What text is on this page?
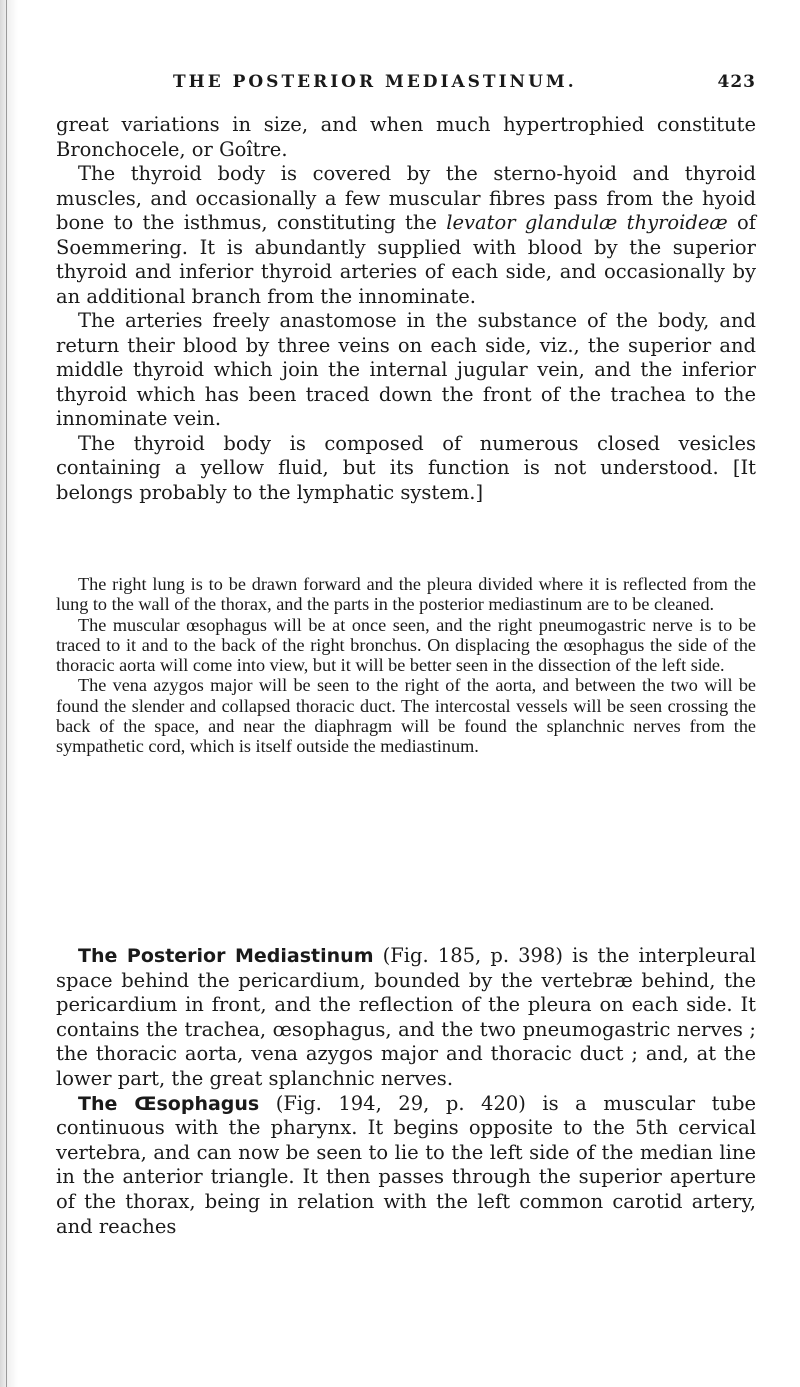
THE POSTERIOR MEDIASTINUM.	423

great variations in size, and when much hypertrophied constitute Bronchocele, or Goître.

The thyroid body is covered by the sterno-hyoid and thyroid muscles, and occasionally a few muscular fibres pass from the hyoid bone to the isthmus, constituting the levator glandulæ thyroideæ of Soemmering. It is abundantly supplied with blood by the superior thyroid and inferior thyroid arteries of each side, and occasionally by an additional branch from the innominate.

The arteries freely anastomose in the substance of the body, and return their blood by three veins on each side, viz., the superior and middle thyroid which join the internal jugular vein, and the inferior thyroid which has been traced down the front of the trachea to the innominate vein.

The thyroid body is composed of numerous closed vesicles containing a yellow fluid, but its function is not understood. [It belongs probably to the lymphatic system.]

The right lung is to be drawn forward and the pleura divided where it is reflected from the lung to the wall of the thorax, and the parts in the posterior mediastinum are to be cleaned.

The muscular œsophagus will be at once seen, and the right pneumogastric nerve is to be traced to it and to the back of the right bronchus. On displacing the œsophagus the side of the thoracic aorta will come into view, but it will be better seen in the dissection of the left side.

The vena azygos major will be seen to the right of the aorta, and between the two will be found the slender and collapsed thoracic duct. The intercostal vessels will be seen crossing the back of the space, and near the diaphragm will be found the splanchnic nerves from the sympathetic cord, which is itself outside the mediastinum.

The Posterior Mediastinum (Fig. 185, p. 398) is the interpleural space behind the pericardium, bounded by the vertebræ behind, the pericardium in front, and the reflection of the pleura on each side. It contains the trachea, œsophagus, and the two pneumogastric nerves ; the thoracic aorta, vena azygos major and thoracic duct ; and, at the lower part, the great splanchnic nerves.

The Œsophagus (Fig. 194, 29, p. 420) is a muscular tube continuous with the pharynx. It begins opposite to the 5th cervical vertebra, and can now be seen to lie to the left side of the median line in the anterior triangle. It then passes through the superior aperture of the thorax, being in relation with the left common carotid artery, and reaches
